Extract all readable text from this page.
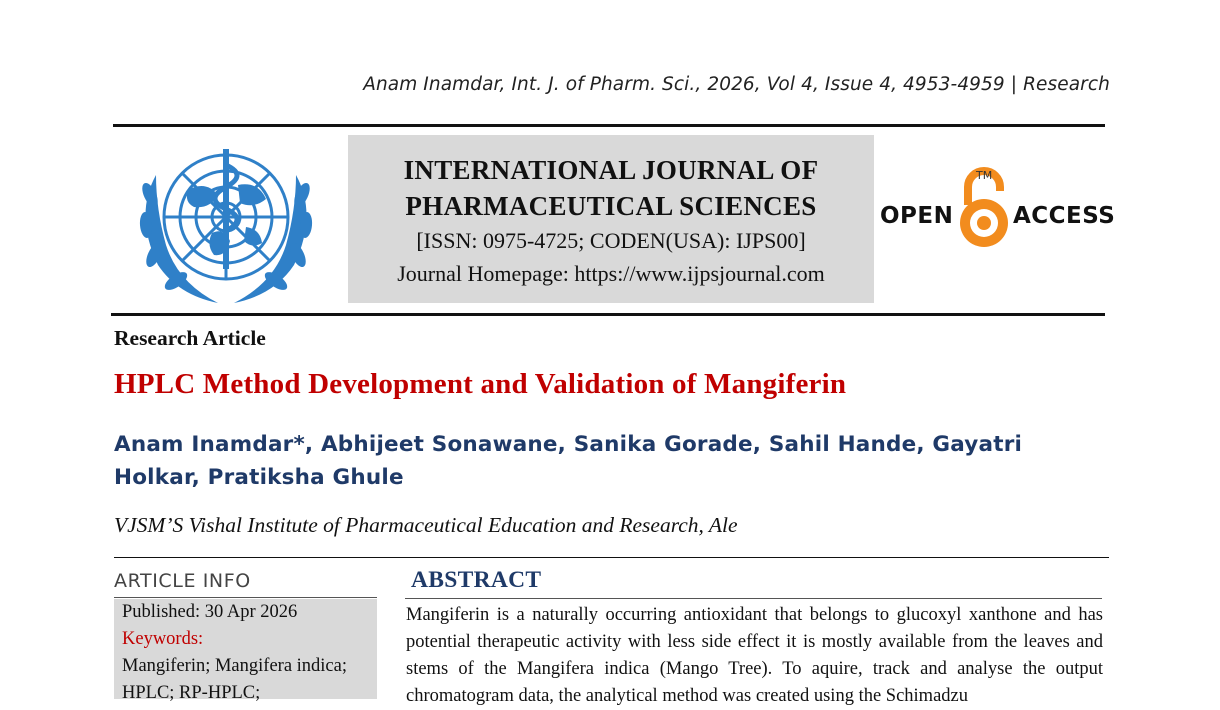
Anam Inamdar, Int. J. of Pharm. Sci., 2026, Vol 4, Issue 4, 4953-4959 | Research
INTERNATIONAL JOURNAL OF
PHARMACEUTICAL SCIENCES
[ISSN: 0975-4725; CODEN(USA): IJPS00]
Journal Homepage: https://www.ijpsjournal.com
OPEN
TM
ACCESS
Research Article
HPLC Method Development and Validation of Mangiferin
Anam Inamdar*, Abhijeet Sonawane, Sanika Gorade, Sahil Hande, Gayatri Holkar, Pratiksha Ghule
VJSM’S Vishal Institute of Pharmaceutical Education and Research, Ale
ARTICLE INFO
Published: 30 Apr 2026
Keywords:
Mangiferin; Mangifera indica; HPLC; RP-HPLC;
ABSTRACT
Mangiferin is a naturally occurring antioxidant that belongs to glucoxyl xanthone and has potential therapeutic activity with less side effect it is mostly available from the leaves and stems of the Mangifera indica (Mango Tree). To aquire, track and analyse the output chromatogram data, the analytical method was created using the Schimadzu
